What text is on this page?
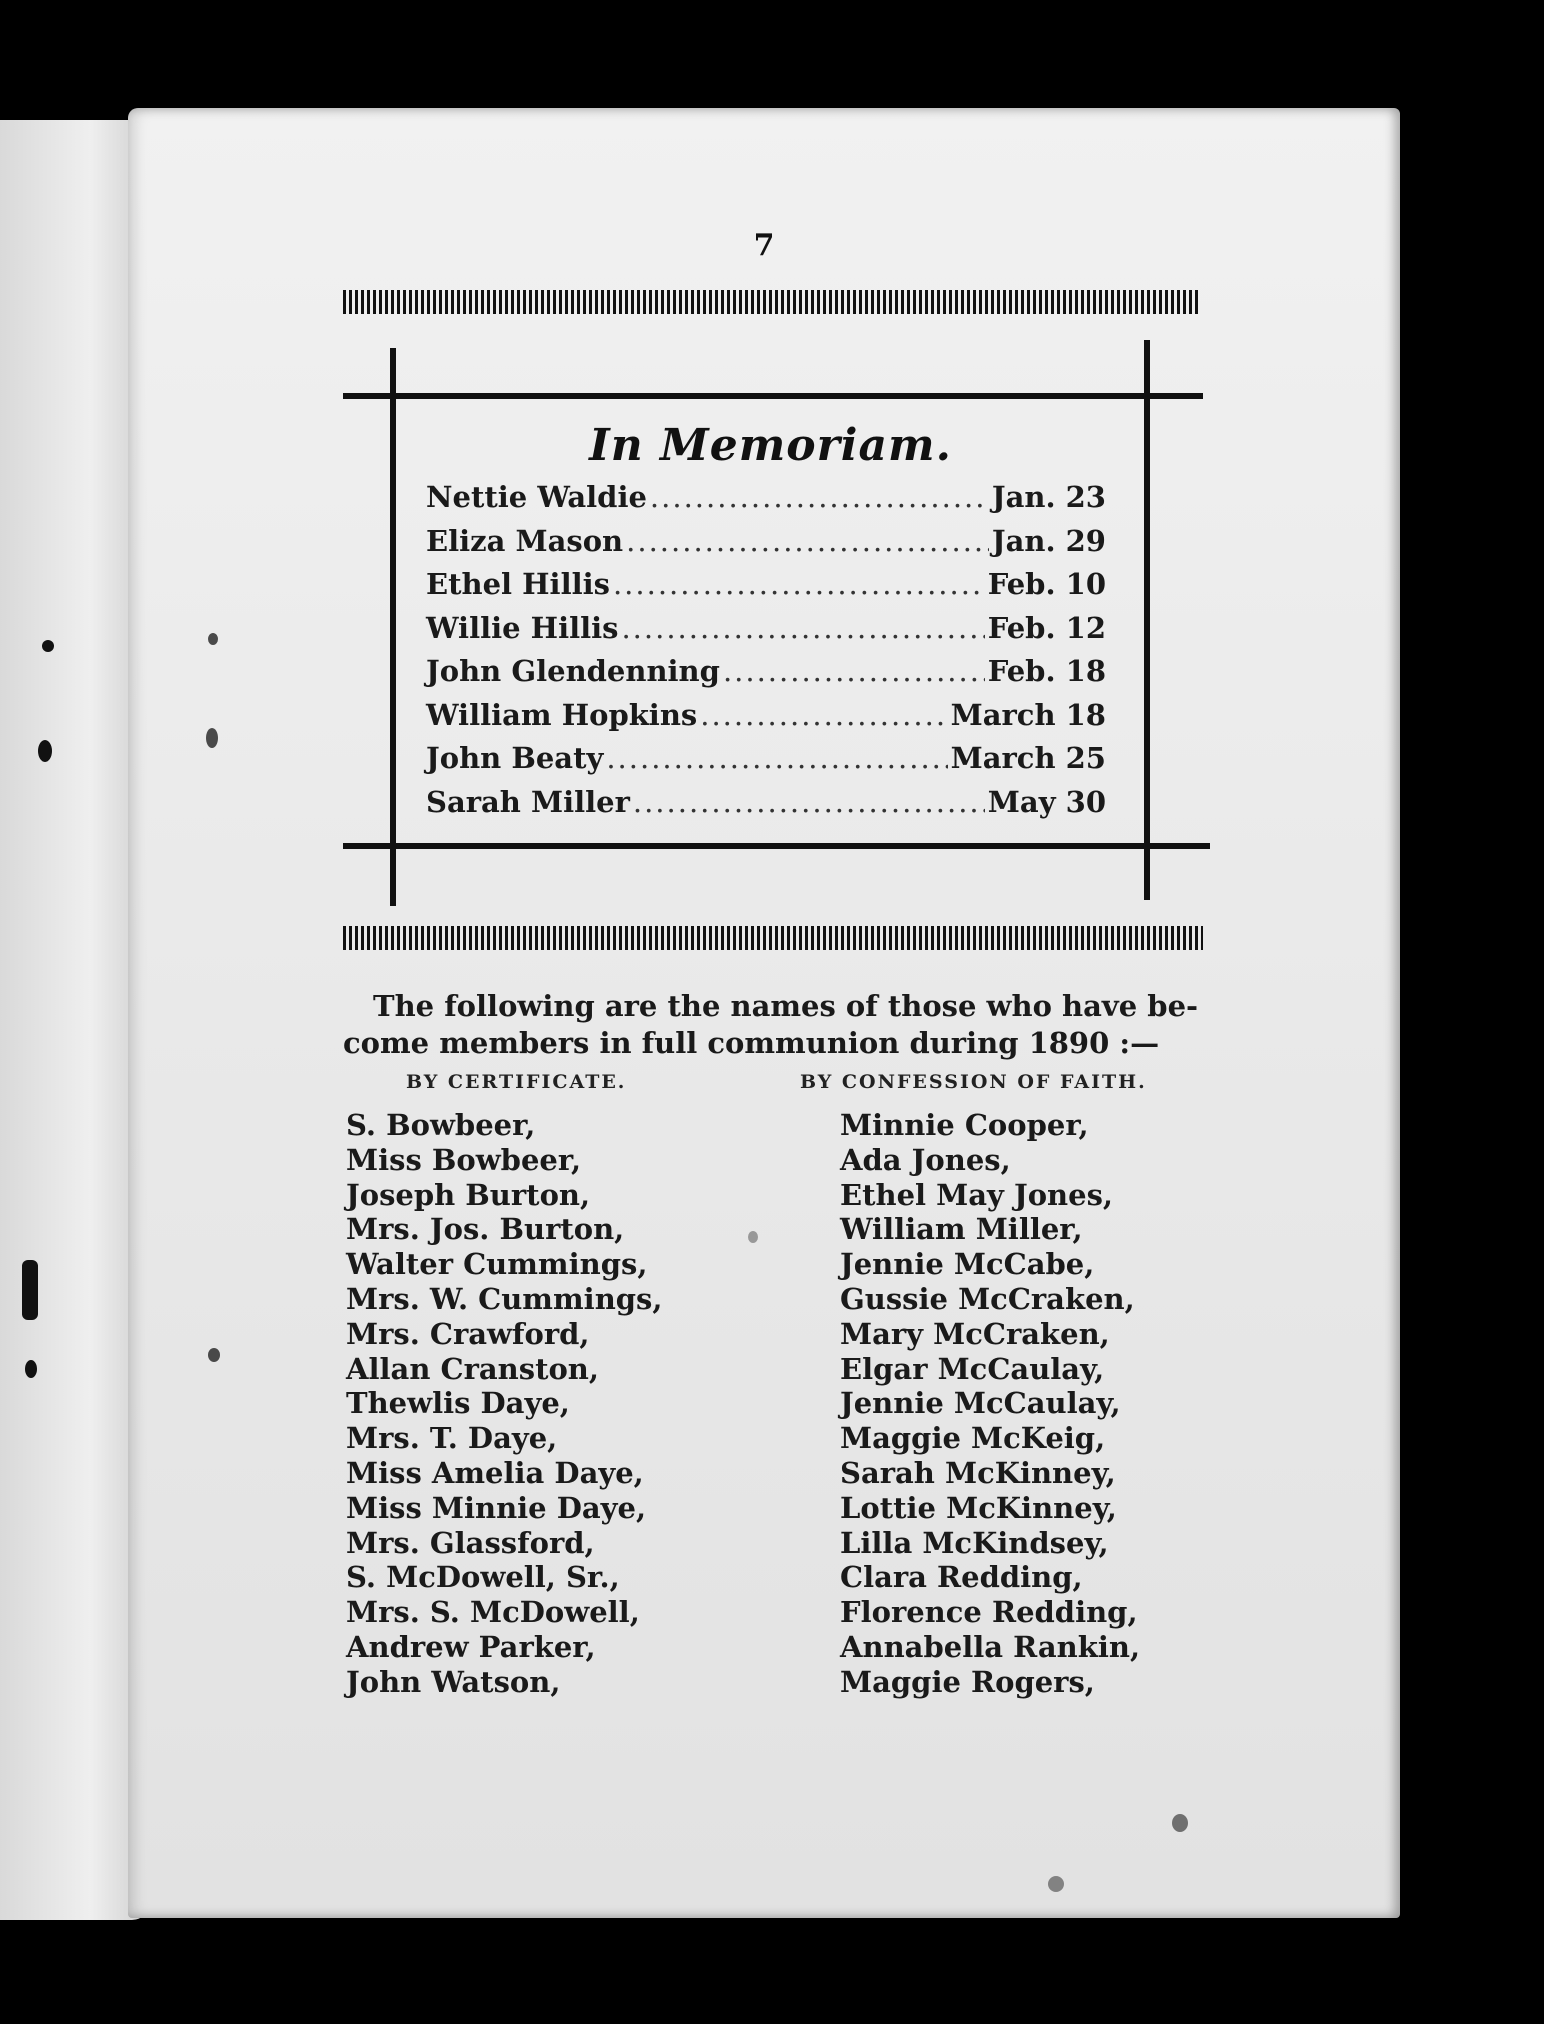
7
In Memoriam.
Nettie Waldie .....	Jan. 23
Eliza Mason .....	Jan. 29
Ethel Hillis .....	Feb. 10
Willie Hillis .....	Feb. 12
John Glendenning .....	Feb. 18
William Hopkins .....	March 18
John Beaty .....	March 25
Sarah Miller .....	May 30
The following are the names of those who have be-
come members in full communion during 1890 :—
BY CERTIFICATE.	BY CONFESSION OF FAITH.
S. Bowbeer,
Miss Bowbeer,
Joseph Burton,
Mrs. Jos. Burton,
Walter Cummings,
Mrs. W. Cummings,
Mrs. Crawford,
Allan Cranston,
Thewlis Daye,
Mrs. T. Daye,
Miss Amelia Daye,
Miss Minnie Daye,
Mrs. Glassford,
S. McDowell, Sr.,
Mrs. S. McDowell,
Andrew Parker,
John Watson,
Minnie Cooper,
Ada Jones,
Ethel May Jones,
William Miller,
Jennie McCabe,
Gussie McCraken,
Mary McCraken,
Elgar McCaulay,
Jennie McCaulay,
Maggie McKeig,
Sarah McKinney,
Lottie McKinney,
Lilla McKindsey,
Clara Redding,
Florence Redding,
Annabella Rankin,
Maggie Rogers,
